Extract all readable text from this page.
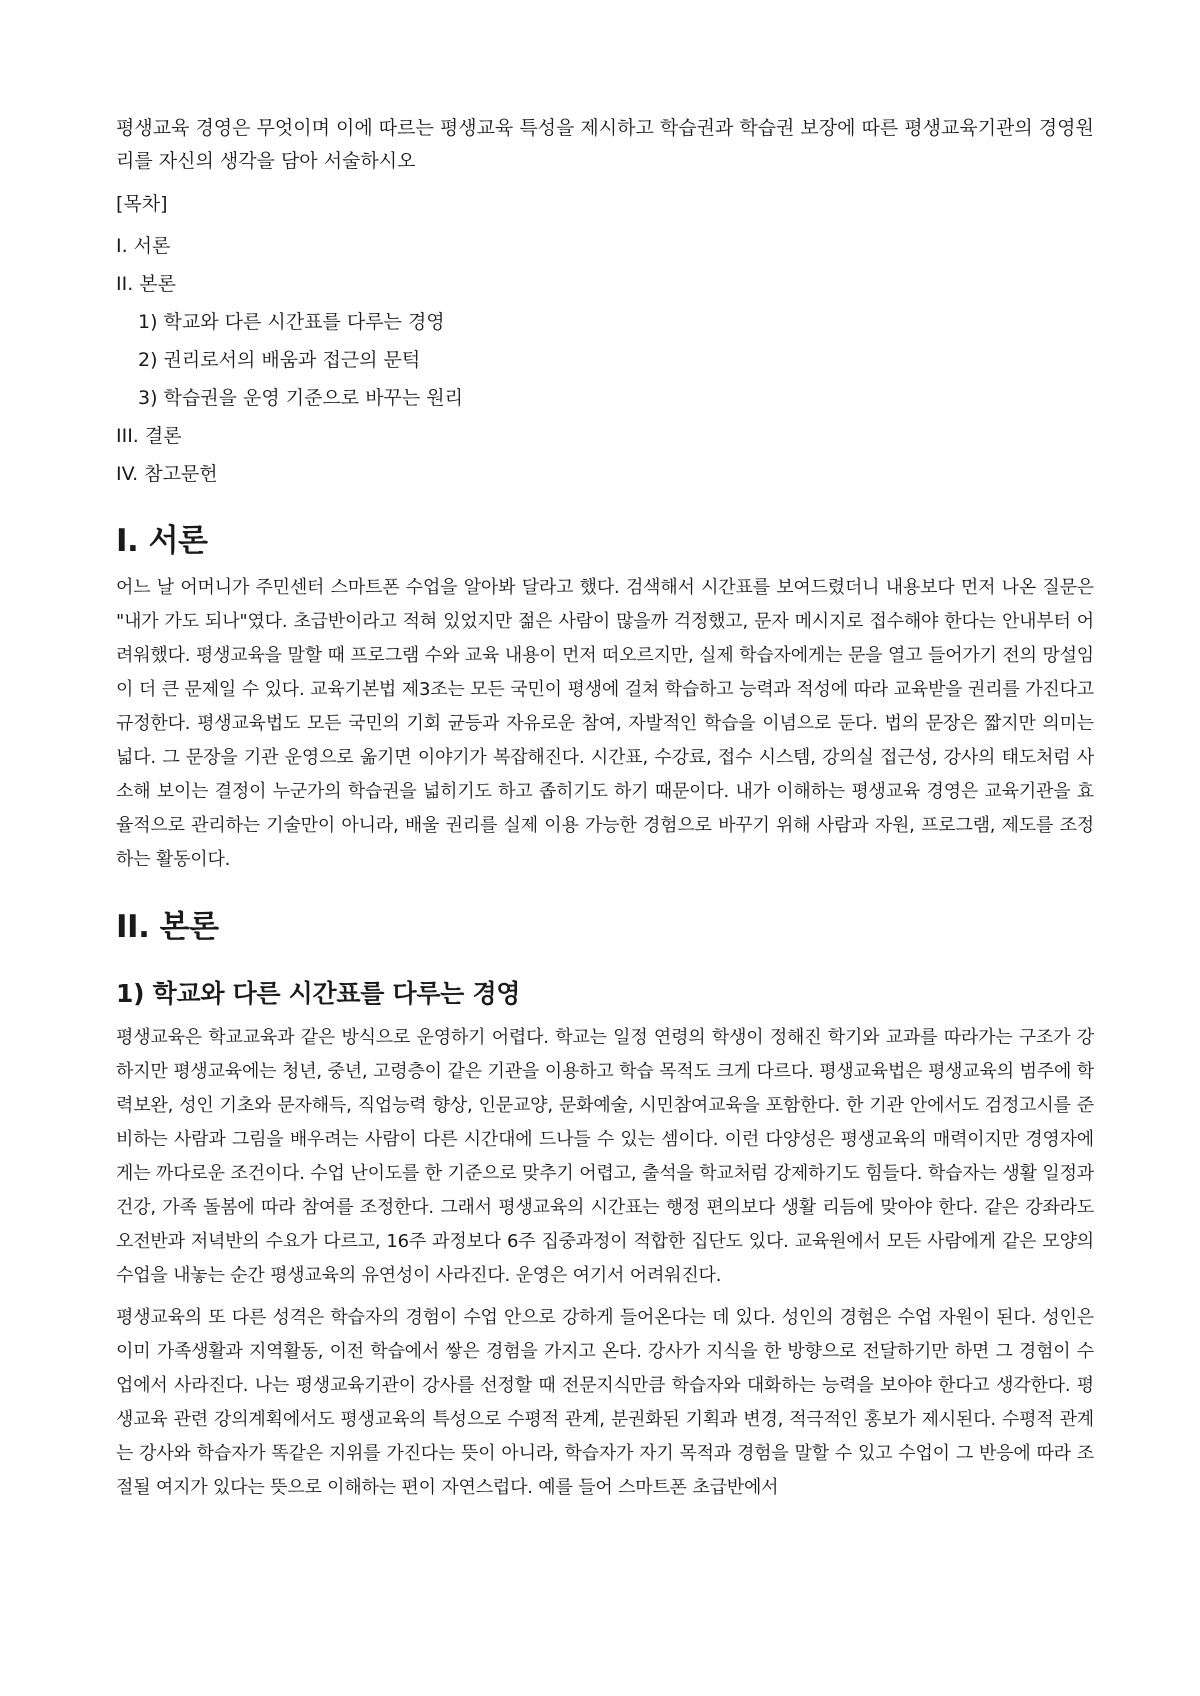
평생교육 경영은 무엇이며 이에 따르는 평생교육 특성을 제시하고 학습권과 학습권 보장에 따른 평생교육기관의 경영원리를 자신의 생각을 담아 서술하시오

[목차]
I. 서론
II. 본론
1) 학교와 다른 시간표를 다루는 경영
2) 권리로서의 배움과 접근의 문턱
3) 학습권을 운영 기준으로 바꾸는 원리
III. 결론
IV. 참고문헌
I. 서론

어느 날 어머니가 주민센터 스마트폰 수업을 알아봐 달라고 했다. 검색해서 시간표를 보여드렸더니 내용보다 먼저 나온 질문은 "내가 가도 되나"였다. 초급반이라고 적혀 있었지만 젊은 사람이 많을까 걱정했고, 문자 메시지로 접수해야 한다는 안내부터 어려워했다. 평생교육을 말할 때 프로그램 수와 교육 내용이 먼저 떠오르지만, 실제 학습자에게는 문을 열고 들어가기 전의 망설임이 더 큰 문제일 수 있다. 교육기본법 제3조는 모든 국민이 평생에 걸쳐 학습하고 능력과 적성에 따라 교육받을 권리를 가진다고 규정한다. 평생교육법도 모든 국민의 기회 균등과 자유로운 참여, 자발적인 학습을 이념으로 둔다. 법의 문장은 짧지만 의미는 넓다. 그 문장을 기관 운영으로 옮기면 이야기가 복잡해진다. 시간표, 수강료, 접수 시스템, 강의실 접근성, 강사의 태도처럼 사소해 보이는 결정이 누군가의 학습권을 넓히기도 하고 좁히기도 하기 때문이다. 내가 이해하는 평생교육 경영은 교육기관을 효율적으로 관리하는 기술만이 아니라, 배울 권리를 실제 이용 가능한 경험으로 바꾸기 위해 사람과 자원, 프로그램, 제도를 조정하는 활동이다.

II. 본론
1) 학교와 다른 시간표를 다루는 경영

평생교육은 학교교육과 같은 방식으로 운영하기 어렵다. 학교는 일정 연령의 학생이 정해진 학기와 교과를 따라가는 구조가 강하지만 평생교육에는 청년, 중년, 고령층이 같은 기관을 이용하고 학습 목적도 크게 다르다. 평생교육법은 평생교육의 범주에 학력보완, 성인 기초와 문자해득, 직업능력 향상, 인문교양, 문화예술, 시민참여교육을 포함한다. 한 기관 안에서도 검정고시를 준비하는 사람과 그림을 배우려는 사람이 다른 시간대에 드나들 수 있는 셈이다. 이런 다양성은 평생교육의 매력이지만 경영자에게는 까다로운 조건이다. 수업 난이도를 한 기준으로 맞추기 어렵고, 출석을 학교처럼 강제하기도 힘들다. 학습자는 생활 일정과 건강, 가족 돌봄에 따라 참여를 조정한다. 그래서 평생교육의 시간표는 행정 편의보다 생활 리듬에 맞아야 한다. 같은 강좌라도 오전반과 저녁반의 수요가 다르고, 16주 과정보다 6주 집중과정이 적합한 집단도 있다. 교육원에서 모든 사람에게 같은 모양의 수업을 내놓는 순간 평생교육의 유연성이 사라진다. 운영은 여기서 어려워진다.

평생교육의 또 다른 성격은 학습자의 경험이 수업 안으로 강하게 들어온다는 데 있다. 성인의 경험은 수업 자원이 된다. 성인은 이미 가족생활과 지역활동, 이전 학습에서 쌓은 경험을 가지고 온다. 강사가 지식을 한 방향으로 전달하기만 하면 그 경험이 수업에서 사라진다. 나는 평생교육기관이 강사를 선정할 때 전문지식만큼 학습자와 대화하는 능력을 보아야 한다고 생각한다. 평생교육 관련 강의계획에서도 평생교육의 특성으로 수평적 관계, 분권화된 기획과 변경, 적극적인 홍보가 제시된다. 수평적 관계는 강사와 학습자가 똑같은 지위를 가진다는 뜻이 아니라, 학습자가 자기 목적과 경험을 말할 수 있고 수업이 그 반응에 따라 조절될 여지가 있다는 뜻으로 이해하는 편이 자연스럽다. 예를 들어 스마트폰 초급반에서
